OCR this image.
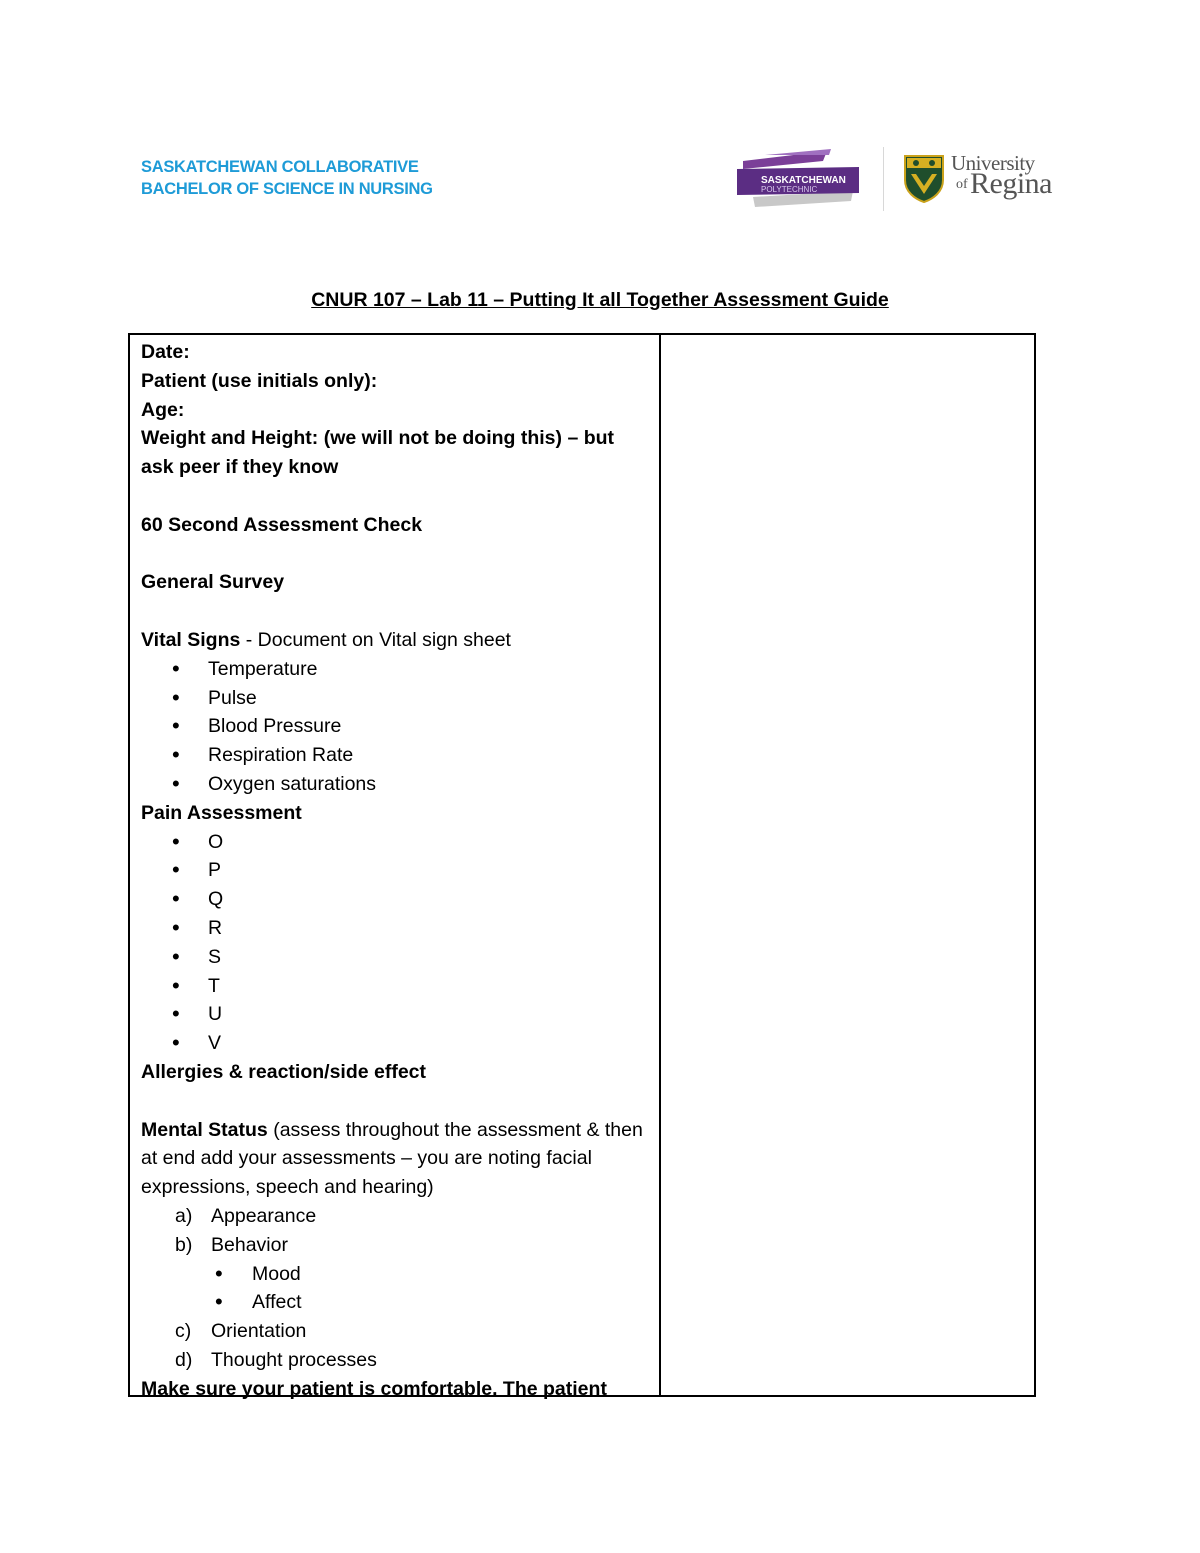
SASKATCHEWAN COLLABORATIVE
BACHELOR OF SCIENCE IN NURSING	SASKATCHEWAN
POLYTECHNIC
University
of Regina
CNUR 107 – Lab 11 – Putting It all Together Assessment Guide
Date:
Patient (use initials only):
Age:
Weight and Height: (we will not be doing this) – but ask peer if they know
60 Second Assessment Check
General Survey
Vital Signs - Document on Vital sign sheet
• Temperature
• Pulse
• Blood Pressure
• Respiration Rate
• Oxygen saturations
Pain Assessment
• O
• P
• Q
• R
• S
• T
• U
• V
Allergies & reaction/side effect
Mental Status (assess throughout the assessment & then at end add your assessments – you are noting facial expressions, speech and hearing)
a) Appearance
b) Behavior
• Mood
• Affect
c) Orientation
d) Thought processes
Make sure your patient is comfortable. The patient
